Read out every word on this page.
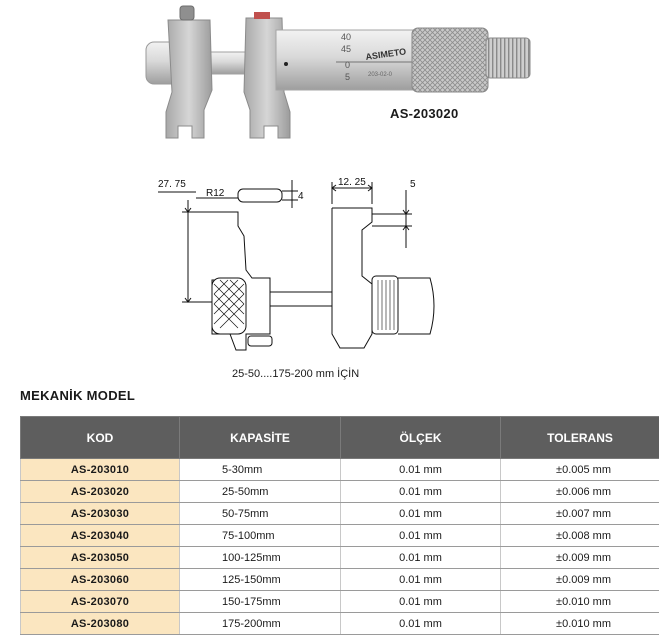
40
45
0
5
ASIMETO
203-02-0
AS-203020
27. 75
R12	4
12. 25	5
25-50....175-200 mm İÇİN
MEKANİK MODEL
KOD	KAPASİTE	ÖLÇEK	TOLERANS
AS-203010	5-30mm	0.01 mm	±0.005 mm
AS-203020	25-50mm	0.01 mm	±0.006 mm
AS-203030	50-75mm	0.01 mm	±0.007 mm
AS-203040	75-100mm	0.01 mm	±0.008 mm
AS-203050	100-125mm	0.01 mm	±0.009 mm
AS-203060	125-150mm	0.01 mm	±0.009 mm
AS-203070	150-175mm	0.01 mm	±0.010 mm
AS-203080	175-200mm	0.01 mm	±0.010 mm
